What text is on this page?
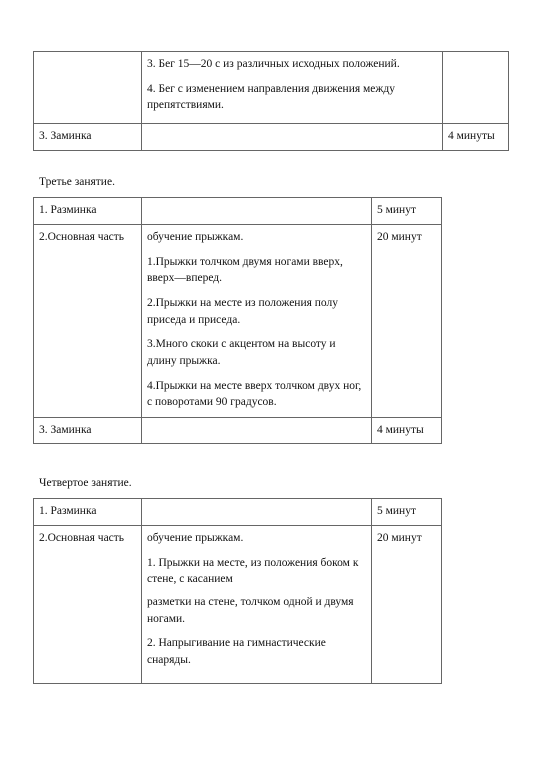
	3. Бег 15—20 с из различных исходных положений.

4. Бег с изменением направления движения между препятствиями.	

3. Заминка		4 минуты

Третье занятие.

1. Разминка		5 минут
2.Основная часть	обучение прыжкам.

1.Прыжки толчком двумя ногами вверх, вверх—вперед.

2.Прыжки на месте из положения полу приседа и приседа.

3.Много скоки с акцентом на высоту и длину прыжка.

4.Прыжки на месте вверх толчком двух ног, с поворотами 90 градусов.	20 минут
3. Заминка		4 минуты

Четвертое занятие.

1. Разминка		5 минут
2.Основная часть	обучение прыжкам.

1. Прыжки на месте, из положения боком к стене, с касанием

разметки на стене, толчком одной и двумя ногами.

2. Напрыгивание на гимнастические снаряды.	20 минут
